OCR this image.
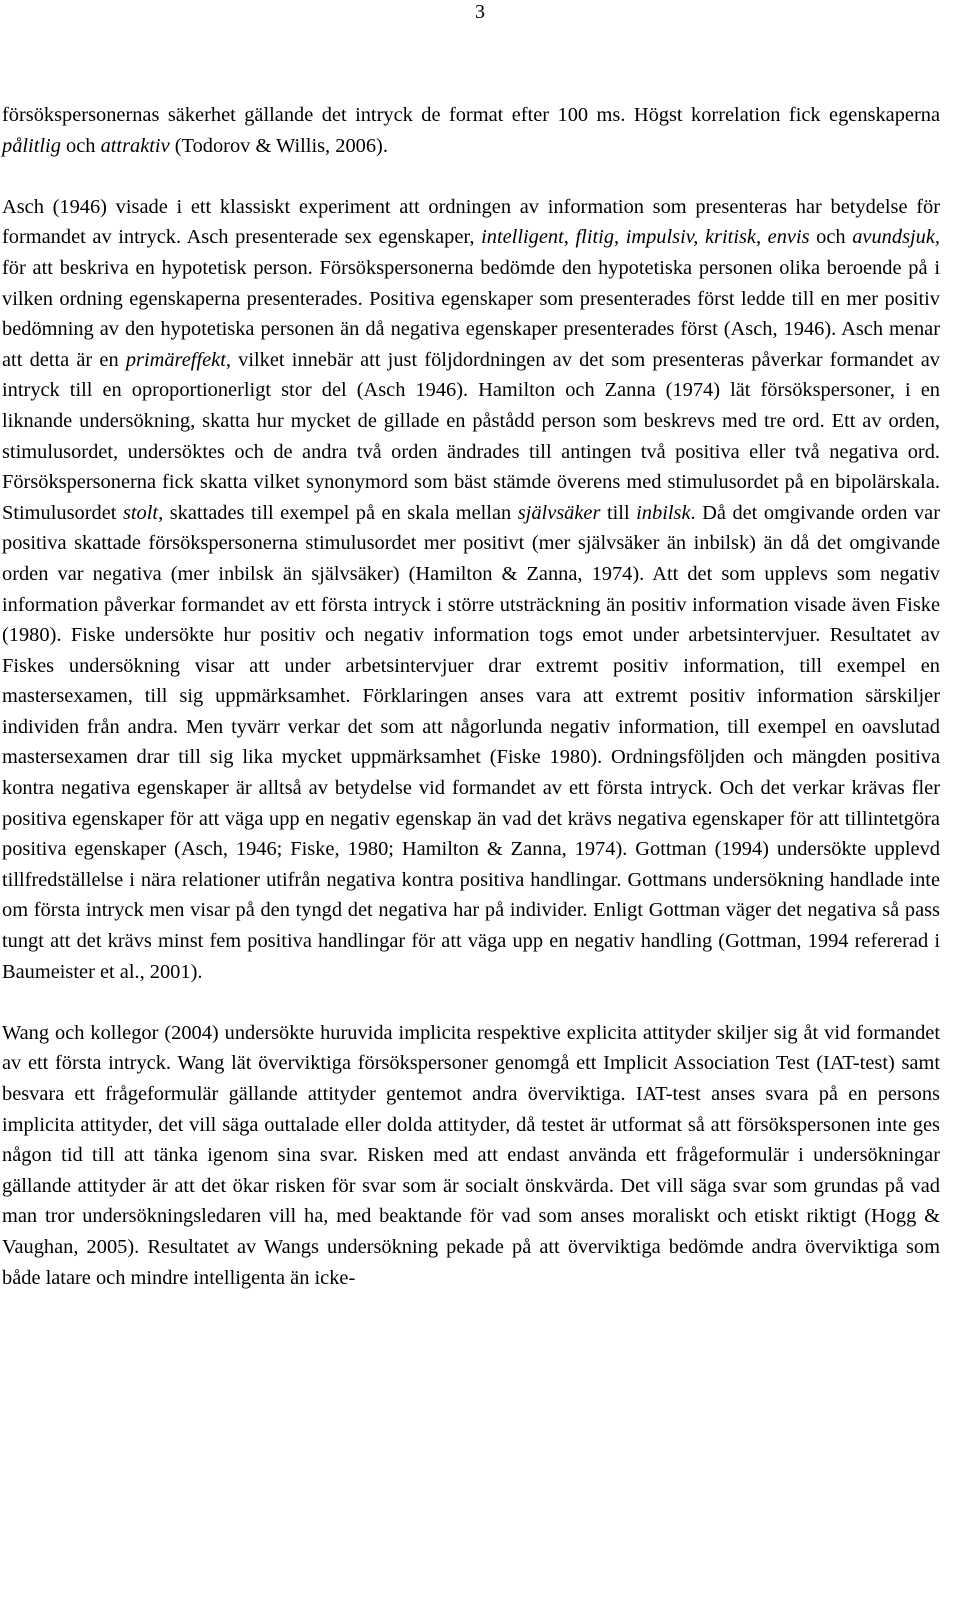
3

försökspersonernas säkerhet gällande det intryck de format efter 100 ms. Högst korrelation fick egenskaperna pålitlig och attraktiv (Todorov & Willis, 2006).

Asch (1946) visade i ett klassiskt experiment att ordningen av information som presenteras har betydelse för formandet av intryck. Asch presenterade sex egenskaper, intelligent, flitig, impulsiv, kritisk, envis och avundsjuk, för att beskriva en hypotetisk person. Försökspersonerna bedömde den hypotetiska personen olika beroende på i vilken ordning egenskaperna presenterades. Positiva egenskaper som presenterades först ledde till en mer positiv bedömning av den hypotetiska personen än då negativa egenskaper presenterades först (Asch, 1946). Asch menar att detta är en primäreffekt, vilket innebär att just följdordningen av det som presenteras påverkar formandet av intryck till en oproportionerligt stor del (Asch 1946). Hamilton och Zanna (1974) lät försökspersoner, i en liknande undersökning, skatta hur mycket de gillade en påstådd person som beskrevs med tre ord. Ett av orden, stimulusordet, undersöktes och de andra två orden ändrades till antingen två positiva eller två negativa ord. Försökspersonerna fick skatta vilket synonymord som bäst stämde överens med stimulusordet på en bipolärskala. Stimulusordet stolt, skattades till exempel på en skala mellan självsäker till inbilsk. Då det omgivande orden var positiva skattade försökspersonerna stimulusordet mer positivt (mer självsäker än inbilsk) än då det omgivande orden var negativa (mer inbilsk än självsäker) (Hamilton & Zanna, 1974). Att det som upplevs som negativ information påverkar formandet av ett första intryck i större utsträckning än positiv information visade även Fiske (1980). Fiske undersökte hur positiv och negativ information togs emot under arbetsintervjuer. Resultatet av Fiskes undersökning visar att under arbetsintervjuer drar extremt positiv information, till exempel en mastersexamen, till sig uppmärksamhet. Förklaringen anses vara att extremt positiv information särskiljer individen från andra. Men tyvärr verkar det som att någorlunda negativ information, till exempel en oavslutad mastersexamen drar till sig lika mycket uppmärksamhet (Fiske 1980). Ordningsföljden och mängden positiva kontra negativa egenskaper är alltså av betydelse vid formandet av ett första intryck. Och det verkar krävas fler positiva egenskaper för att väga upp en negativ egenskap än vad det krävs negativa egenskaper för att tillintetgöra positiva egenskaper (Asch, 1946; Fiske, 1980; Hamilton & Zanna, 1974). Gottman (1994) undersökte upplevd tillfredställelse i nära relationer utifrån negativa kontra positiva handlingar. Gottmans undersökning handlade inte om första intryck men visar på den tyngd det negativa har på individer. Enligt Gottman väger det negativa så pass tungt att det krävs minst fem positiva handlingar för att väga upp en negativ handling (Gottman, 1994 refererad i Baumeister et al., 2001).

Wang och kollegor (2004) undersökte huruvida implicita respektive explicita attityder skiljer sig åt vid formandet av ett första intryck. Wang lät överviktiga försökspersoner genomgå ett Implicit Association Test (IAT-test) samt besvara ett frågeformulär gällande attityder gentemot andra överviktiga. IAT-test anses svara på en persons implicita attityder, det vill säga outtalade eller dolda attityder, då testet är utformat så att försökspersonen inte ges någon tid till att tänka igenom sina svar. Risken med att endast använda ett frågeformulär i undersökningar gällande attityder är att det ökar risken för svar som är socialt önskvärda. Det vill säga svar som grundas på vad man tror undersökningsledaren vill ha, med beaktande för vad som anses moraliskt och etiskt riktigt (Hogg & Vaughan, 2005). Resultatet av Wangs undersökning pekade på att överviktiga bedömde andra överviktiga som både latare och mindre intelligenta än icke-
